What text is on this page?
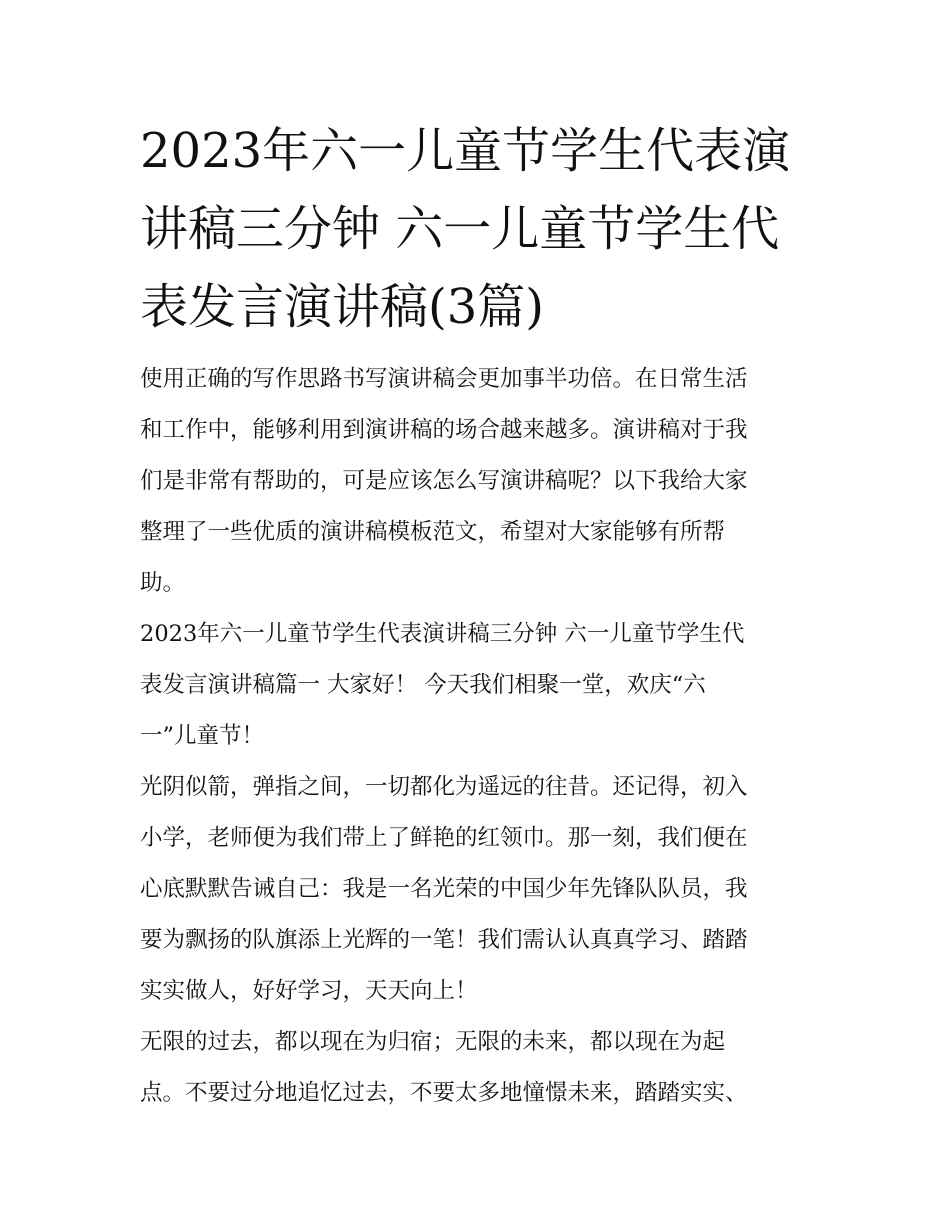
2023年六一儿童节学生代表演
讲稿三分钟 六一儿童节学生代
表发言演讲稿(3篇)
使用正确的写作思路书写演讲稿会更加事半功倍。在日常生活
和工作中，能够利用到演讲稿的场合越来越多。演讲稿对于我
们是非常有帮助的，可是应该怎么写演讲稿呢？以下我给大家
整理了一些优质的演讲稿模板范文，希望对大家能够有所帮
助。
2023年六一儿童节学生代表演讲稿三分钟 六一儿童节学生代
表发言演讲稿篇一 大家好！ 今天我们相聚一堂，欢庆“六
一”儿童节！
光阴似箭，弹指之间，一切都化为遥远的往昔。还记得，初入
小学，老师便为我们带上了鲜艳的红领巾。那一刻，我们便在
心底默默告诫自己：我是一名光荣的中国少年先锋队队员，我
要为飘扬的队旗添上光辉的一笔！我们需认认真真学习、踏踏
实实做人，好好学习，天天向上！
无限的过去，都以现在为归宿；无限的未来，都以现在为起
点。不要过分地追忆过去，不要太多地憧憬未来，踏踏实实、
